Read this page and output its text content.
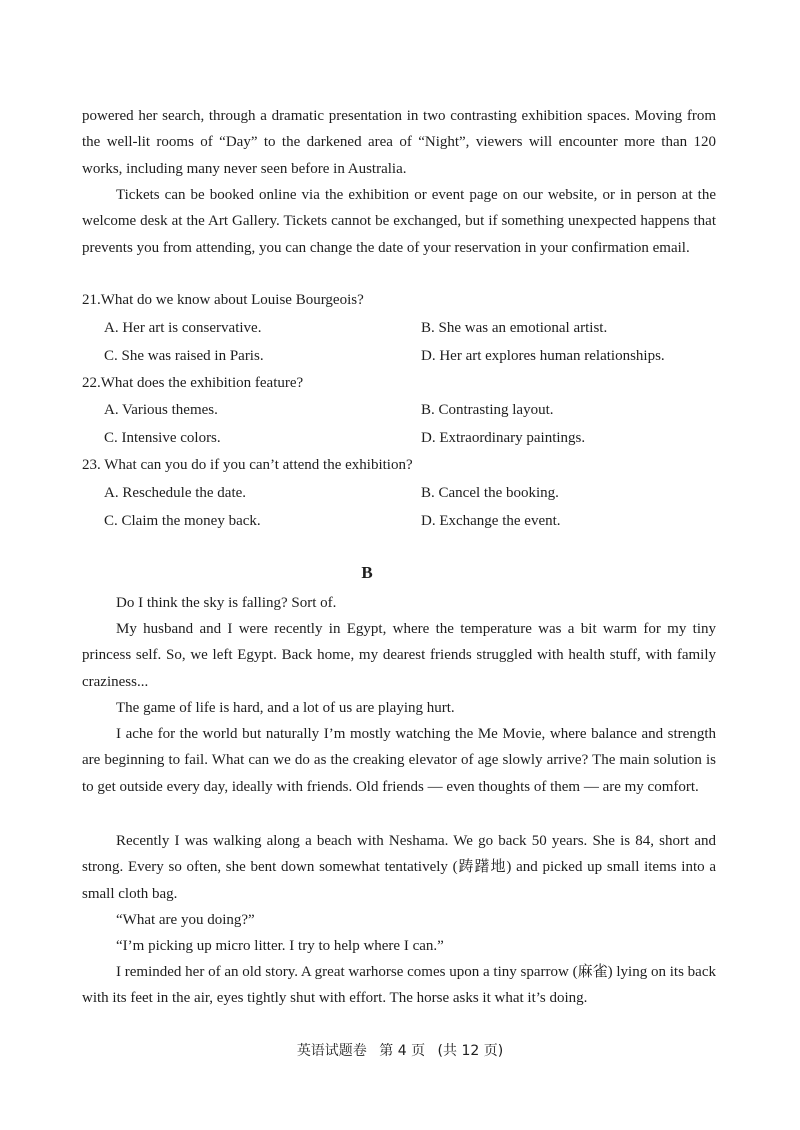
powered her search, through a dramatic presentation in two contrasting exhibition spaces. Moving from the well-lit rooms of “Day” to the darkened area of “Night”, viewers will encounter more than 120 works, including many never seen before in Australia.

Tickets can be booked online via the exhibition or event page on our website, or in person at the welcome desk at the Art Gallery. Tickets cannot be exchanged, but if something unexpected happens that prevents you from attending, you can change the date of your reservation in your confirmation email.

21.What do we know about Louise Bourgeois?

A. Her art is conservative.	B. She was an emotional artist.

C. She was raised in Paris.	D. Her art explores human relationships.

22.What does the exhibition feature?

A. Various themes.	B. Contrasting layout.

C. Intensive colors.	D. Extraordinary paintings.

23. What can you do if you can’t attend the exhibition?

A. Reschedule the date.	B. Cancel the booking.

C. Claim the money back.	D. Exchange the event.

B

Do I think the sky is falling? Sort of.

My husband and I were recently in Egypt, where the temperature was a bit warm for my tiny princess self. So, we left Egypt. Back home, my dearest friends struggled with health stuff, with family craziness...

The game of life is hard, and a lot of us are playing hurt.

I ache for the world but naturally I’m mostly watching the Me Movie, where balance and strength are beginning to fail. What can we do as the creaking elevator of age slowly arrive? The main solution is to get outside every day, ideally with friends. Old friends — even thoughts of them — are my comfort.

Recently I was walking along a beach with Neshama. We go back 50 years. She is 84, short and strong. Every so often, she bent down somewhat tentatively (踌躇地) and picked up small items into a small cloth bag.

“What are you doing?”

“I’m picking up micro litter. I try to help where I can.”

I reminded her of an old story. A great warhorse comes upon a tiny sparrow (麻雀) lying on its back with its feet in the air, eyes tightly shut with effort. The horse asks it what it’s doing.

英语试题卷 第 4 页 (共 12 页)
